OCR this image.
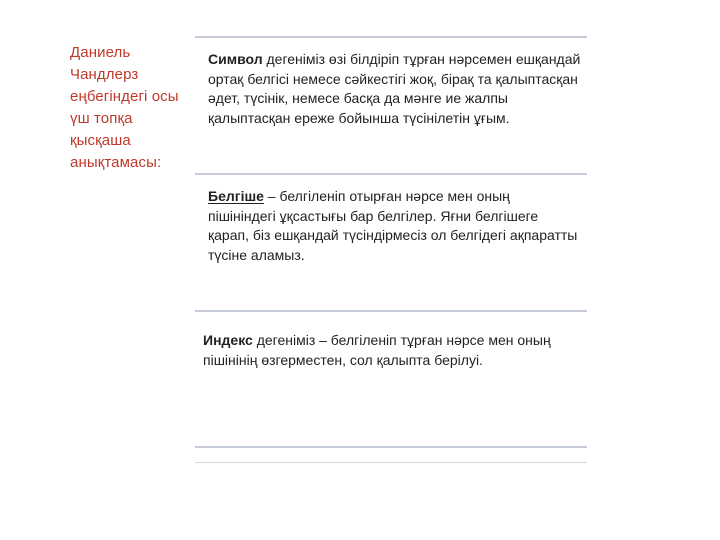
Даниель Чандлерз еңбегіндегі осы үш топқа қысқаша анықтамасы:
Символ дегеніміз өзі білдіріп тұрған нәрсемен ешқандай ортақ белгісі немесе сәйкестігі жоқ, бірақ та қалыптасқан әдет, түсінік, немесе басқа да мәнге ие жалпы қалыптасқан ереже бойынша түсінілетін ұғым.
Белгіше – белгіленіп отырған нәрсе мен оның пішініндегі ұқсастығы бар белгілер. Яғни белгішеге қарап, біз ешқандай түсіндірмесіз ол белгідегі ақпаратты түсіне аламыз.
Индекс дегеніміз – белгіленіп тұрған нәрсе мен оның пішінінің өзгерместен, сол қалыпта берілуі.
